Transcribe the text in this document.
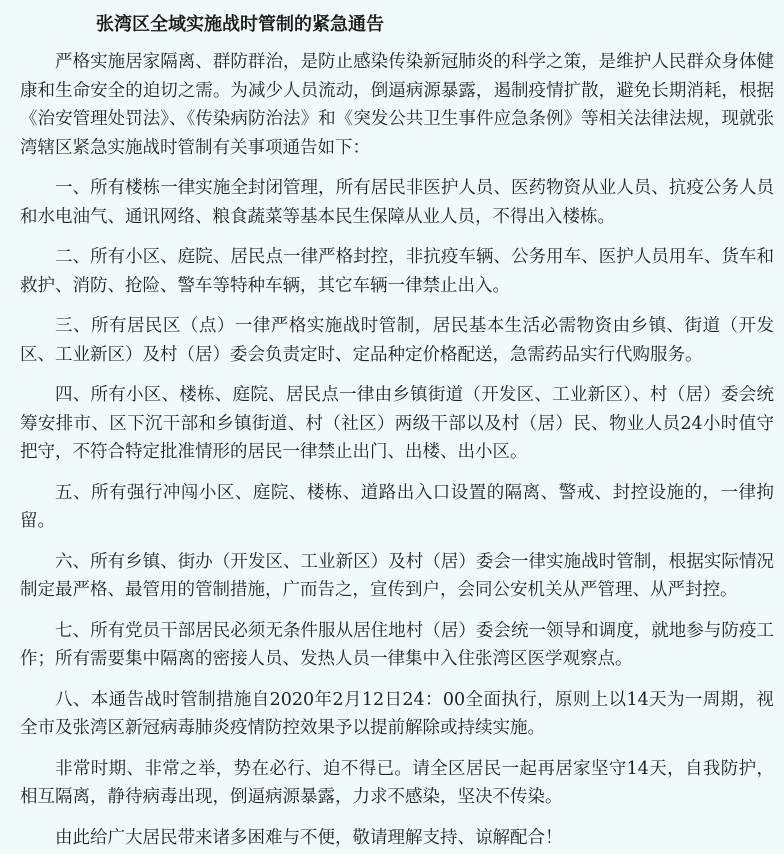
张湾区全域实施战时管制的紧急通告

严格实施居家隔离、群防群治，是防止感染传染新冠肺炎的科学之策，是维护人民群众身体健康和生命安全的迫切之需。为减少人员流动，倒逼病源暴露，遏制疫情扩散，避免长期消耗，根据《治安管理处罚法》、《传染病防治法》和《突发公共卫生事件应急条例》等相关法律法规，现就张湾辖区紧急实施战时管制有关事项通告如下：

一、所有楼栋一律实施全封闭管理，所有居民非医护人员、医药物资从业人员、抗疫公务人员和水电油气、通讯网络、粮食蔬菜等基本民生保障从业人员，不得出入楼栋。

二、所有小区、庭院、居民点一律严格封控，非抗疫车辆、公务用车、医护人员用车、货车和救护、消防、抢险、警车等特种车辆，其它车辆一律禁止出入。

三、所有居民区（点）一律严格实施战时管制，居民基本生活必需物资由乡镇、街道（开发区、工业新区）及村（居）委会负责定时、定品种定价格配送，急需药品实行代购服务。

四、所有小区、楼栋、庭院、居民点一律由乡镇街道（开发区、工业新区）、村（居）委会统筹安排市、区下沉干部和乡镇街道、村（社区）两级干部以及村（居）民、物业人员24小时值守把守，不符合特定批准情形的居民一律禁止出门、出楼、出小区。

五、所有强行冲闯小区、庭院、楼栋、道路出入口设置的隔离、警戒、封控设施的，一律拘留。

六、所有乡镇、街办（开发区、工业新区）及村（居）委会一律实施战时管制，根据实际情况制定最严格、最管用的管制措施，广而告之，宣传到户，会同公安机关从严管理、从严封控。

七、所有党员干部居民必须无条件服从居住地村（居）委会统一领导和调度，就地参与防疫工作；所有需要集中隔离的密接人员、发热人员一律集中入住张湾区医学观察点。

八、本通告战时管制措施自2020年2月12日24：00全面执行，原则上以14天为一周期，视全市及张湾区新冠病毒肺炎疫情防控效果予以提前解除或持续实施。

非常时期、非常之举，势在必行、迫不得已。请全区居民一起再居家坚守14天，自我防护，相互隔离，静待病毒出现，倒逼病源暴露，力求不感染，坚决不传染。

由此给广大居民带来诸多困难与不便，敬请理解支持、谅解配合！
